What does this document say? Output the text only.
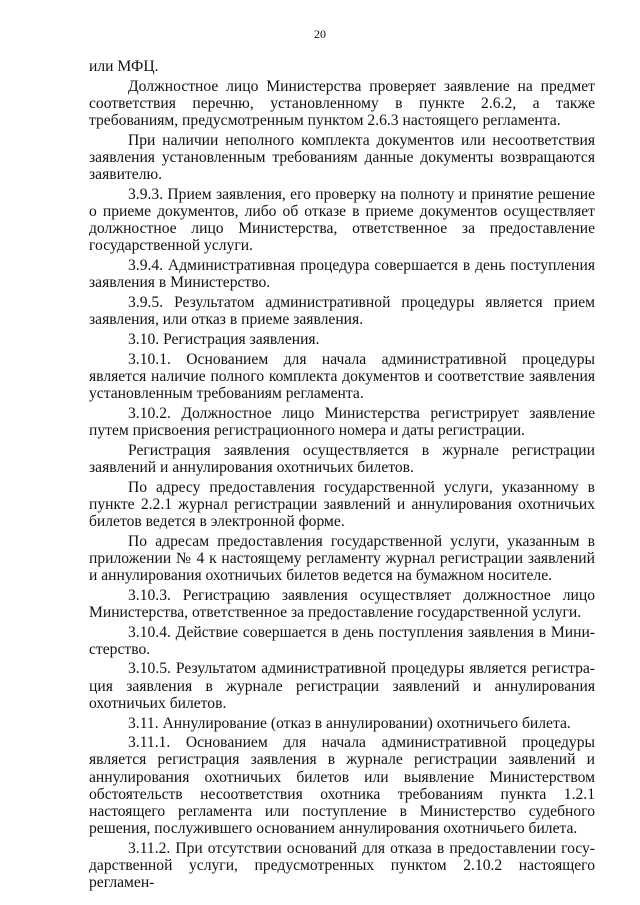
20

или МФЦ.

Должностное лицо Министерства проверяет заявление на предмет соответствия перечню, установленному в пункте 2.6.2, а также требованиям, предусмотренным пунктом 2.6.3 настоящего регламента.

При наличии неполного комплекта документов или несоответствия заявления установленным требованиям данные документы возвращаются заявителю.

3.9.3. Прием заявления, его проверку на полноту и принятие решение о приеме документов, либо об отказе в приеме документов осуществляет должностное лицо Министерства, ответственное за предоставление государственной услуги.

3.9.4. Административная процедура совершается в день поступления заявления в Министерство.

3.9.5. Результатом административной процедуры является прием заявления, или отказ в приеме заявления.

3.10. Регистрация заявления.

3.10.1. Основанием для начала административной процедуры является наличие полного комплекта документов и соответствие заявления установленным требованиям регламента.

3.10.2. Должностное лицо Министерства регистрирует заявление путем присвоения регистрационного номера и даты регистрации.

Регистрация заявления осуществляется в журнале регистрации заявлений и аннулирования охотничьих билетов.

По адресу предоставления государственной услуги, указанному в пункте 2.2.1 журнал регистрации заявлений и аннулирования охотничьих билетов ведется в электронной форме.

По адресам предоставления государственной услуги, указанным в приложении № 4 к настоящему регламенту журнал регистрации заявлений и аннулирования охотничьих билетов ведется на бумажном носителе.

3.10.3. Регистрацию заявления осуществляет должностное лицо Министерства, ответственное за предоставление государственной услуги.

3.10.4. Действие совершается в день поступления заявления в Министерство.

3.10.5. Результатом административной процедуры является регистрация заявления в журнале регистрации заявлений и аннулирования охотничьих билетов.

3.11. Аннулирование (отказ в аннулировании) охотничьего билета.

3.11.1. Основанием для начала административной процедуры является регистрация заявления в журнале регистрации заявлений и аннулирования охотничьих билетов или выявление Министерством обстоятельств несоответствия охотника требованиям пункта 1.2.1 настоящего регламента или поступление в Министерство судебного решения, послужившего основанием аннулирования охотничьего билета.

3.11.2. При отсутствии оснований для отказа в предоставлении государственной услуги, предусмотренных пунктом 2.10.2 настоящего регламен-
